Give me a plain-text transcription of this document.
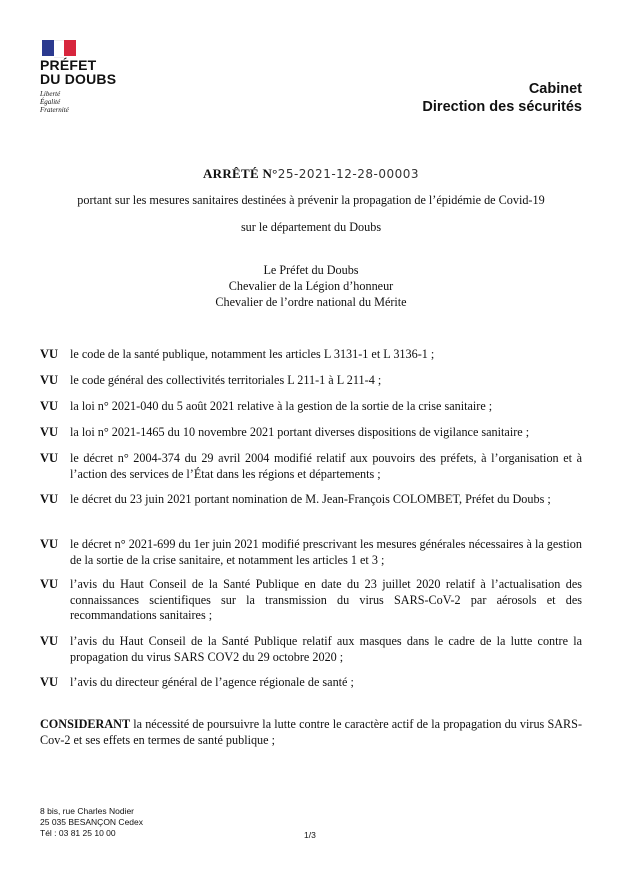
PRÉFET
DU DOUBS
Liberté
Égalité
Fraternité
Cabinet
Direction des sécurités
ARRÊTÉ N°25-2021-12-28-00003
portant sur les mesures sanitaires destinées à prévenir la propagation de l’épidémie de Covid-19
sur le département du Doubs
Le Préfet du Doubs
Chevalier de la Légion d’honneur
Chevalier de l’ordre national du Mérite
VU le code de la santé publique, notamment les articles L 3131-1 et L 3136-1 ;
VU le code général des collectivités territoriales L 211-1 à L 211-4 ;
VU la loi n° 2021-040 du 5 août 2021 relative à la gestion de la sortie de la crise sanitaire ;
VU la loi n° 2021-1465 du 10 novembre 2021 portant diverses dispositions de vigilance sanitaire ;
VU le décret n° 2004-374 du 29 avril 2004 modifié relatif aux pouvoirs des préfets, à l’organisation et à l’action des services de l’État dans les régions et départements ;
VU le décret du 23 juin 2021 portant nomination de M. Jean-François COLOMBET, Préfet du Doubs ;
VU le décret n° 2021-699 du 1er juin 2021 modifié prescrivant les mesures générales nécessaires à la gestion de la sortie de la crise sanitaire, et notamment les articles 1 et 3 ;
VU l’avis du Haut Conseil de la Santé Publique en date du 23 juillet 2020 relatif à l’actualisation des connaissances scientifiques sur la transmission du virus SARS-CoV-2 par aérosols et des recommandations sanitaires ;
VU l’avis du Haut Conseil de la Santé Publique relatif aux masques dans le cadre de la lutte contre la propagation du virus SARS COV2 du 29 octobre 2020 ;
VU l’avis du directeur général de l’agence régionale de santé ;
CONSIDERANT la nécessité de poursuivre la lutte contre le caractère actif de la propagation du virus SARS-Cov-2 et ses effets en termes de santé publique ;
8 bis, rue Charles Nodier
25 035 BESANÇON Cedex
Tél : 03 81 25 10 00	1/3
